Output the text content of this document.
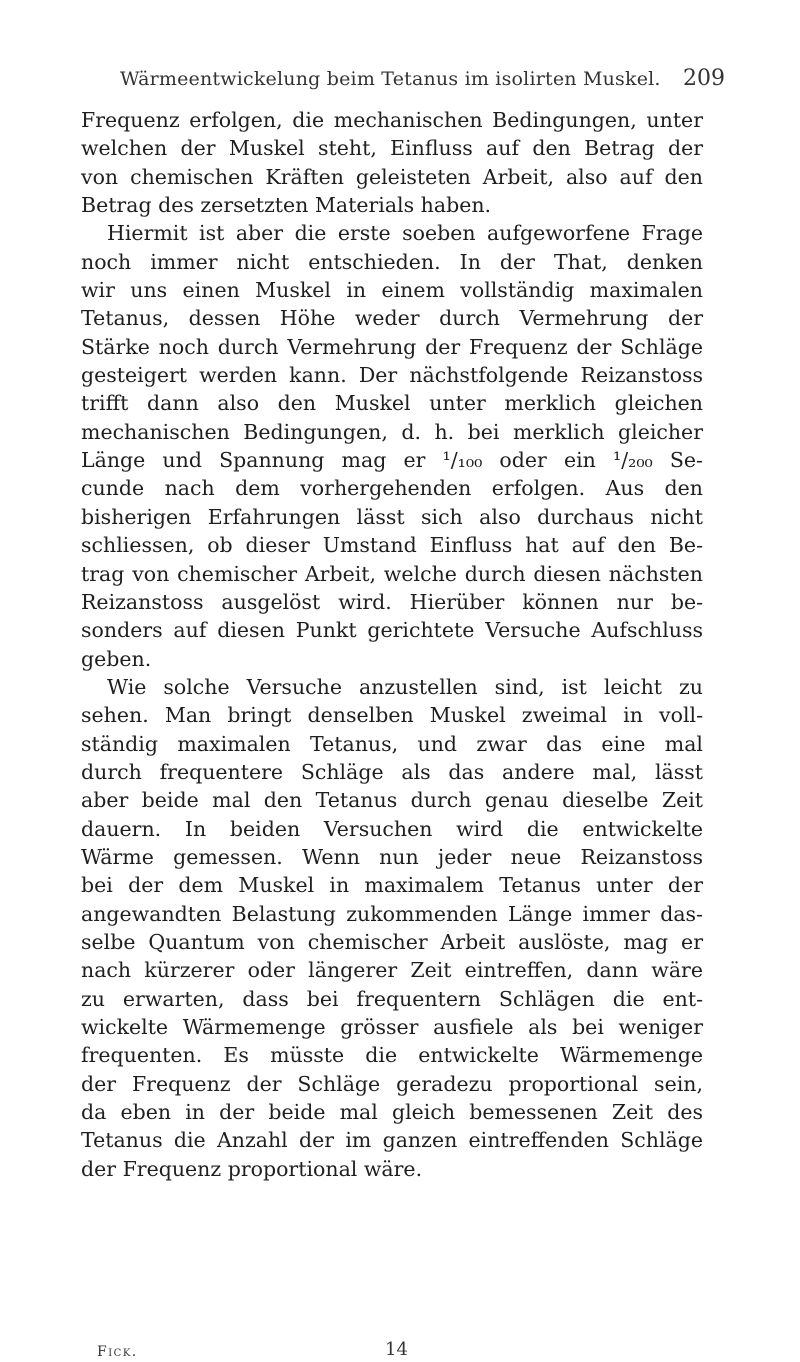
Wärmeentwickelung beim Tetanus im isolirten Muskel. 209
Frequenz erfolgen, die mechanischen Bedingungen, unter
welchen der Muskel steht, Einfluss auf den Betrag der
von chemischen Kräften geleisteten Arbeit, also auf den
Betrag des zersetzten Materials haben.
Hiermit ist aber die erste soeben aufgeworfene Frage
noch immer nicht entschieden. In der That, denken
wir uns einen Muskel in einem vollständig maximalen
Tetanus, dessen Höhe weder durch Vermehrung der
Stärke noch durch Vermehrung der Frequenz der Schläge
gesteigert werden kann. Der nächstfolgende Reizanstoss
trifft dann also den Muskel unter merklich gleichen
mechanischen Bedingungen, d. h. bei merklich gleicher
Länge und Spannung mag er ¹/₁₀₀ oder ein ¹/₂₀₀ Se-
cunde nach dem vorhergehenden erfolgen. Aus den
bisherigen Erfahrungen lässt sich also durchaus nicht
schliessen, ob dieser Umstand Einfluss hat auf den Be-
trag von chemischer Arbeit, welche durch diesen nächsten
Reizanstoss ausgelöst wird. Hierüber können nur be-
sonders auf diesen Punkt gerichtete Versuche Aufschluss
geben.
Wie solche Versuche anzustellen sind, ist leicht zu
sehen. Man bringt denselben Muskel zweimal in voll-
ständig maximalen Tetanus, und zwar das eine mal
durch frequentere Schläge als das andere mal, lässt
aber beide mal den Tetanus durch genau dieselbe Zeit
dauern. In beiden Versuchen wird die entwickelte
Wärme gemessen. Wenn nun jeder neue Reizanstoss
bei der dem Muskel in maximalem Tetanus unter der
angewandten Belastung zukommenden Länge immer das-
selbe Quantum von chemischer Arbeit auslöste, mag er
nach kürzerer oder längerer Zeit eintreffen, dann wäre
zu erwarten, dass bei frequentern Schlägen die ent-
wickelte Wärmemenge grösser ausfiele als bei weniger
frequenten. Es müsste die entwickelte Wärmemenge
der Frequenz der Schläge geradezu proportional sein,
da eben in der beide mal gleich bemessenen Zeit des
Tetanus die Anzahl der im ganzen eintreffenden Schläge
der Frequenz proportional wäre.
Fick.	14
